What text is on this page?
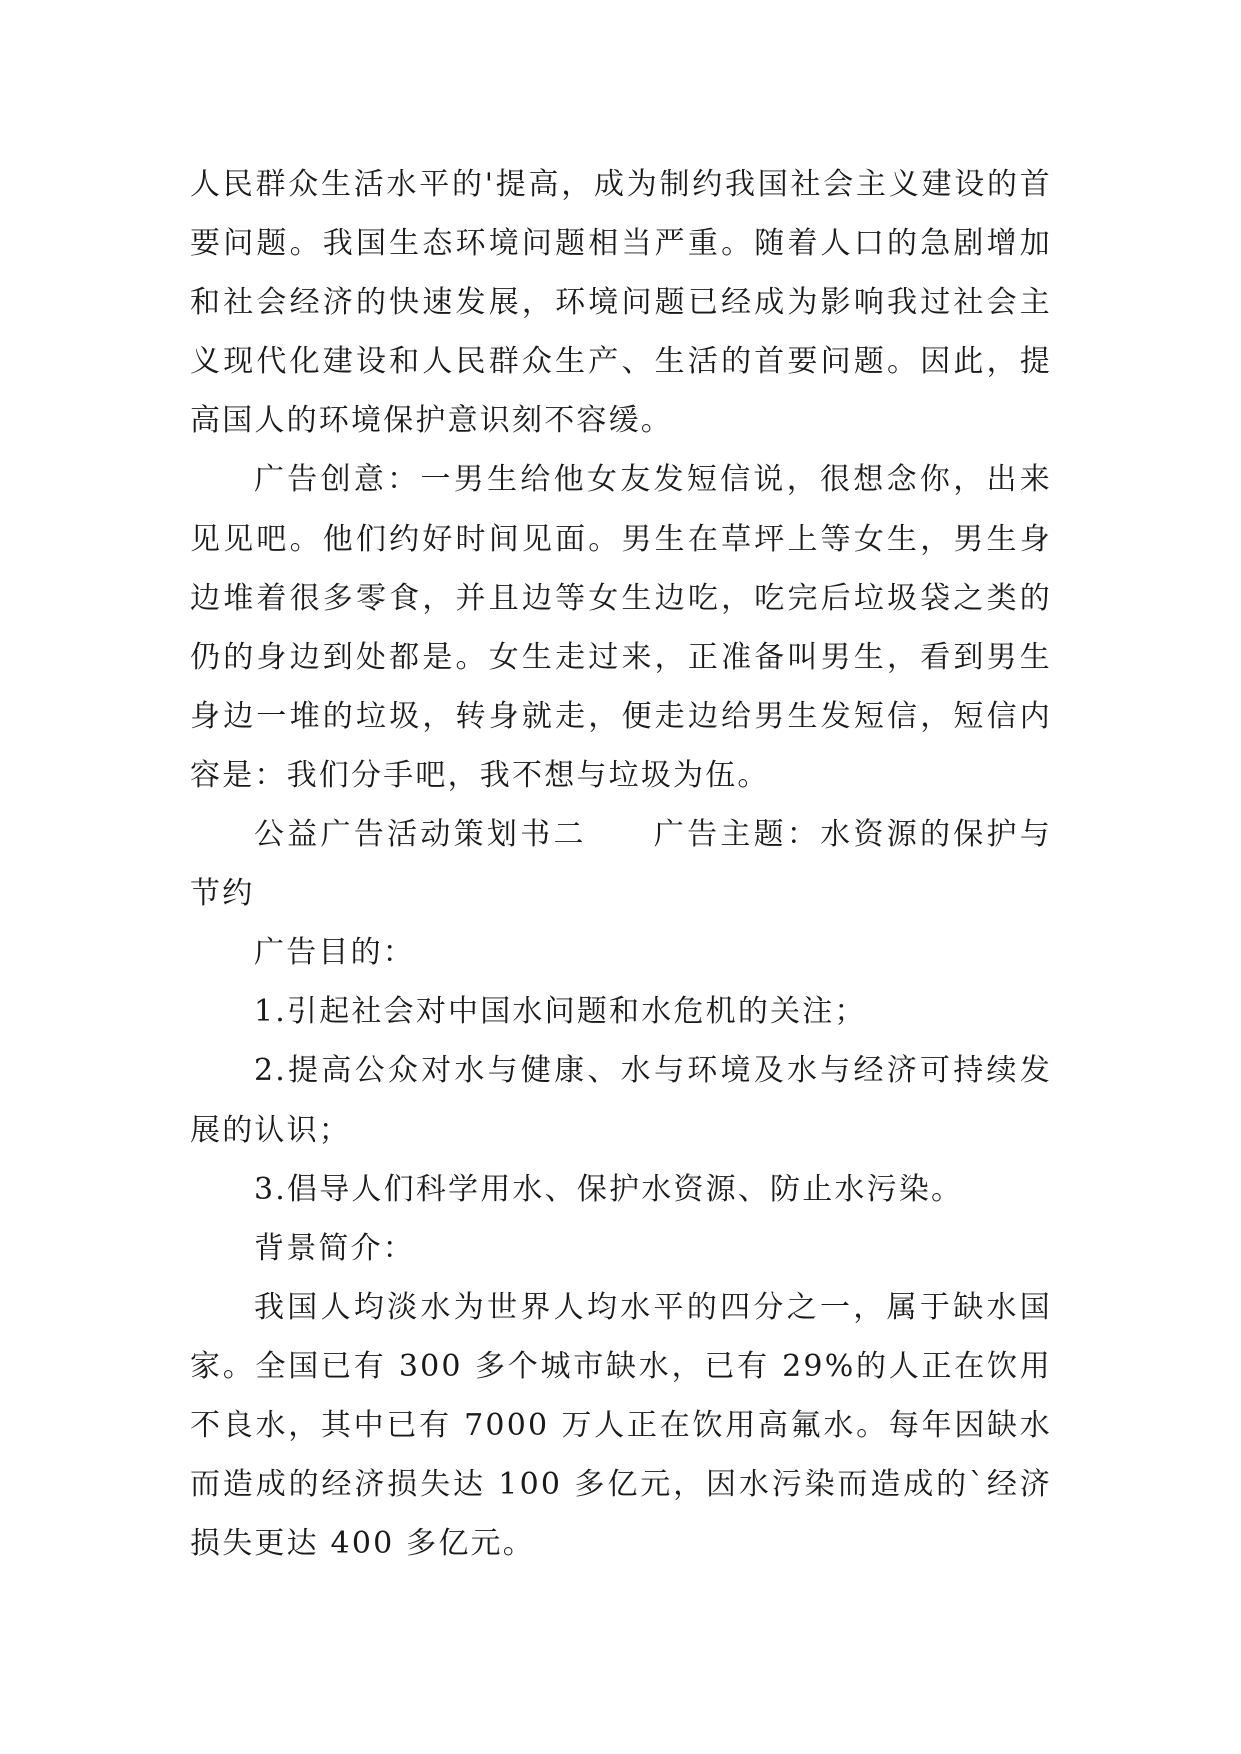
人民群众生活水平的'提高，成为制约我国社会主义建设的首要问题。我国生态环境问题相当严重。随着人口的急剧增加和社会经济的快速发展，环境问题已经成为影响我过社会主义现代化建设和人民群众生产、生活的首要问题。因此，提高国人的环境保护意识刻不容缓。

广告创意：一男生给他女友发短信说，很想念你，出来见见吧。他们约好时间见面。男生在草坪上等女生，男生身边堆着很多零食，并且边等女生边吃，吃完后垃圾袋之类的仍的身边到处都是。女生走过来，正准备叫男生，看到男生身边一堆的垃圾，转身就走，便走边给男生发短信，短信内容是：我们分手吧，我不想与垃圾为伍。

公益广告活动策划书二 广告主题：水资源的保护与节约

广告目的：

1.引起社会对中国水问题和水危机的关注；

2.提高公众对水与健康、水与环境及水与经济可持续发展的认识；

3.倡导人们科学用水、保护水资源、防止水污染。

背景简介：

我国人均淡水为世界人均水平的四分之一，属于缺水国家。全国已有 300 多个城市缺水，已有 29%的人正在饮用不良水，其中已有 7000 万人正在饮用高氟水。每年因缺水而造成的经济损失达 100 多亿元，因水污染而造成的`经济损失更达 400 多亿元。
